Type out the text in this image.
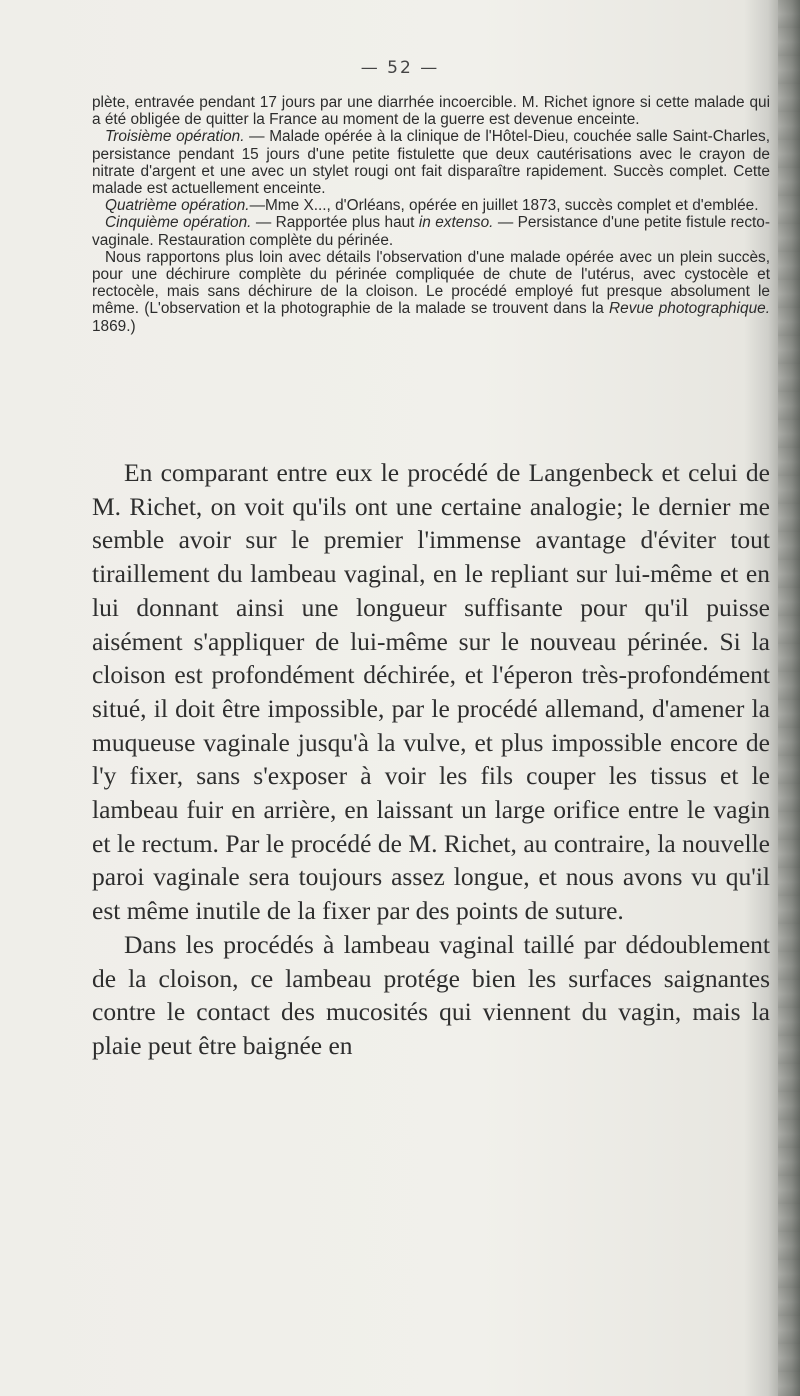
— 52 —

plète, entravée pendant 17 jours par une diarrhée incoercible. M. Richet ignore si cette malade qui a été obligée de quitter la France au moment de la guerre est devenue enceinte.

Troisième opération. — Malade opérée à la clinique de l'Hôtel-Dieu, couchée salle Saint-Charles, persistance pendant 15 jours d'une petite fistulette que deux cautérisations avec le crayon de nitrate d'argent et une avec un stylet rougi ont fait disparaître rapidement. Succès complet. Cette malade est actuellement enceinte.

Quatrième opération.—Mme X..., d'Orléans, opérée en juillet 1873, succès complet et d'emblée.

Cinquième opération. — Rapportée plus haut in extenso. — Persistance d'une petite fistule recto-vaginale. Restauration complète du périnée.

Nous rapportons plus loin avec détails l'observation d'une malade opérée avec un plein succès, pour une déchirure complète du périnée compliquée de chute de l'utérus, avec cystocèle et rectocèle, mais sans déchirure de la cloison. Le procédé employé fut presque absolument le même. (L'observation et la photographie de la malade se trouvent dans la Revue photographique. 1869.)

En comparant entre eux le procédé de Langenbeck et celui de M. Richet, on voit qu'ils ont une certaine analogie; le dernier me semble avoir sur le premier l'immense avantage d'éviter tout tiraillement du lambeau vaginal, en le repliant sur lui-même et en lui donnant ainsi une longueur suffisante pour qu'il puisse aisément s'appliquer de lui-même sur le nouveau périnée. Si la cloison est profondément déchirée, et l'éperon très-profondément situé, il doit être impossible, par le procédé allemand, d'amener la muqueuse vaginale jusqu'à la vulve, et plus impossible encore de l'y fixer, sans s'exposer à voir les fils couper les tissus et le lambeau fuir en arrière, en laissant un large orifice entre le vagin et le rectum. Par le procédé de M. Richet, au contraire, la nouvelle paroi vaginale sera toujours assez longue, et nous avons vu qu'il est même inutile de la fixer par des points de suture.

Dans les procédés à lambeau vaginal taillé par dédoublement de la cloison, ce lambeau protége bien les surfaces saignantes contre le contact des mucosités qui viennent du vagin, mais la plaie peut être baignée en
